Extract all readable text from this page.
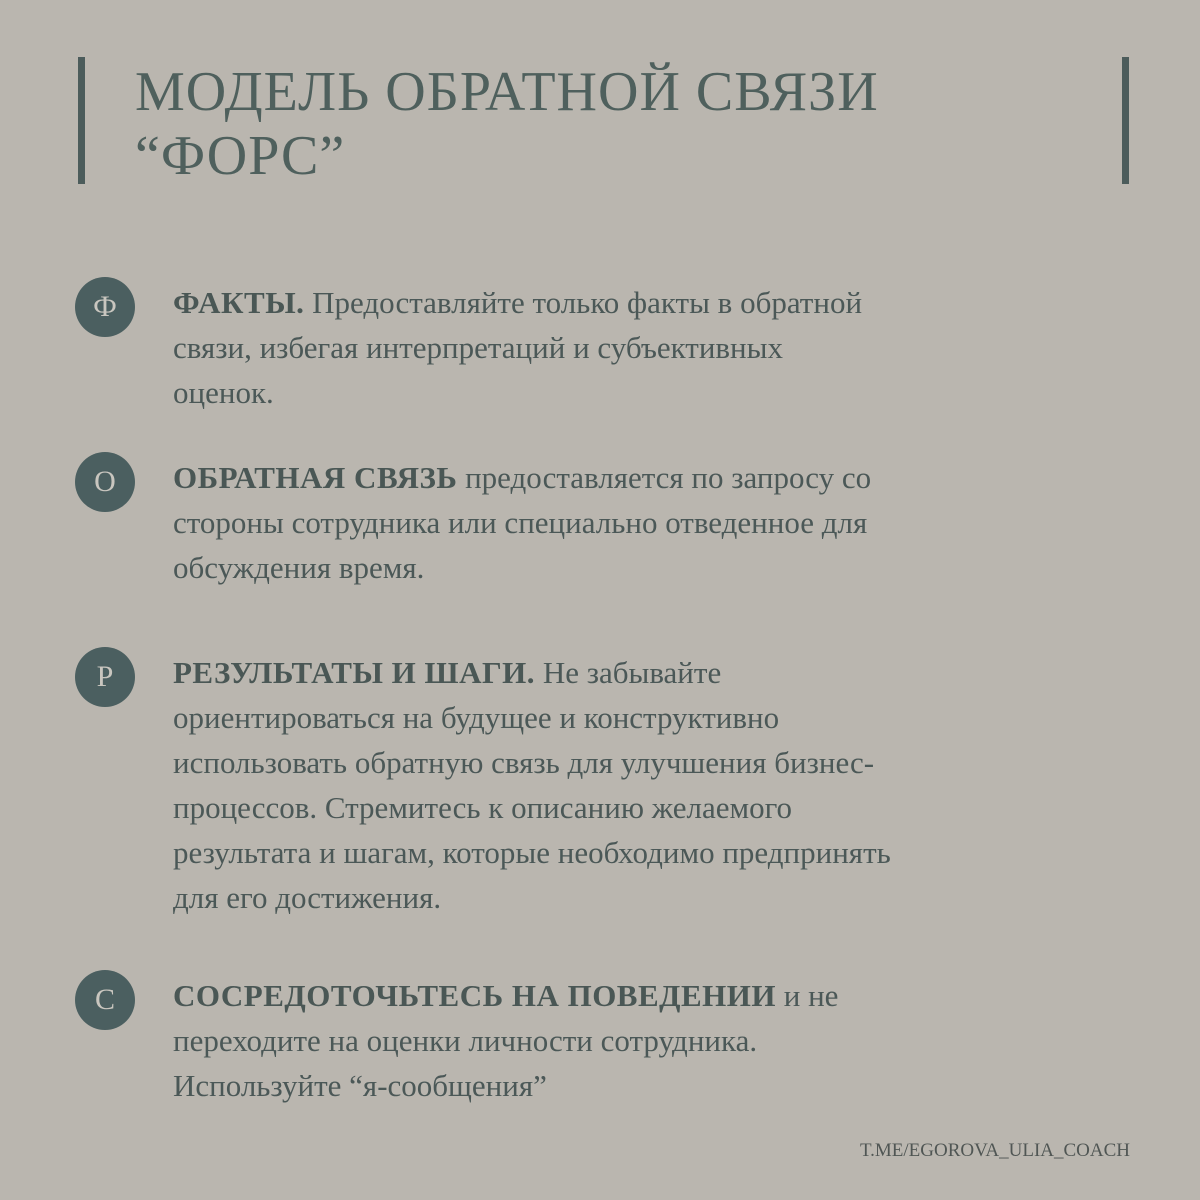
МОДЕЛЬ ОБРАТНОЙ СВЯЗИ
“ФОРС”
Ф ФАКТЫ. Предоставляйте только факты в обратной
связи, избегая интерпретаций и субъективных
оценок.
О ОБРАТНАЯ СВЯЗЬ предоставляется по запросу со
стороны сотрудника или специально отведенное для
обсуждения время.
Р РЕЗУЛЬТАТЫ И ШАГИ. Не забывайте
ориентироваться на будущее и конструктивно
использовать обратную связь для улучшения бизнес-
процессов. Стремитесь к описанию желаемого
результата и шагам, которые необходимо предпринять
для его достижения.
С СОСРЕДОТОЧЬТЕСЬ НА ПОВЕДЕНИИ и не
переходите на оценки личности сотрудника.
Используйте “я-сообщения”
T.ME/EGOROVA_ULIA_COACH
